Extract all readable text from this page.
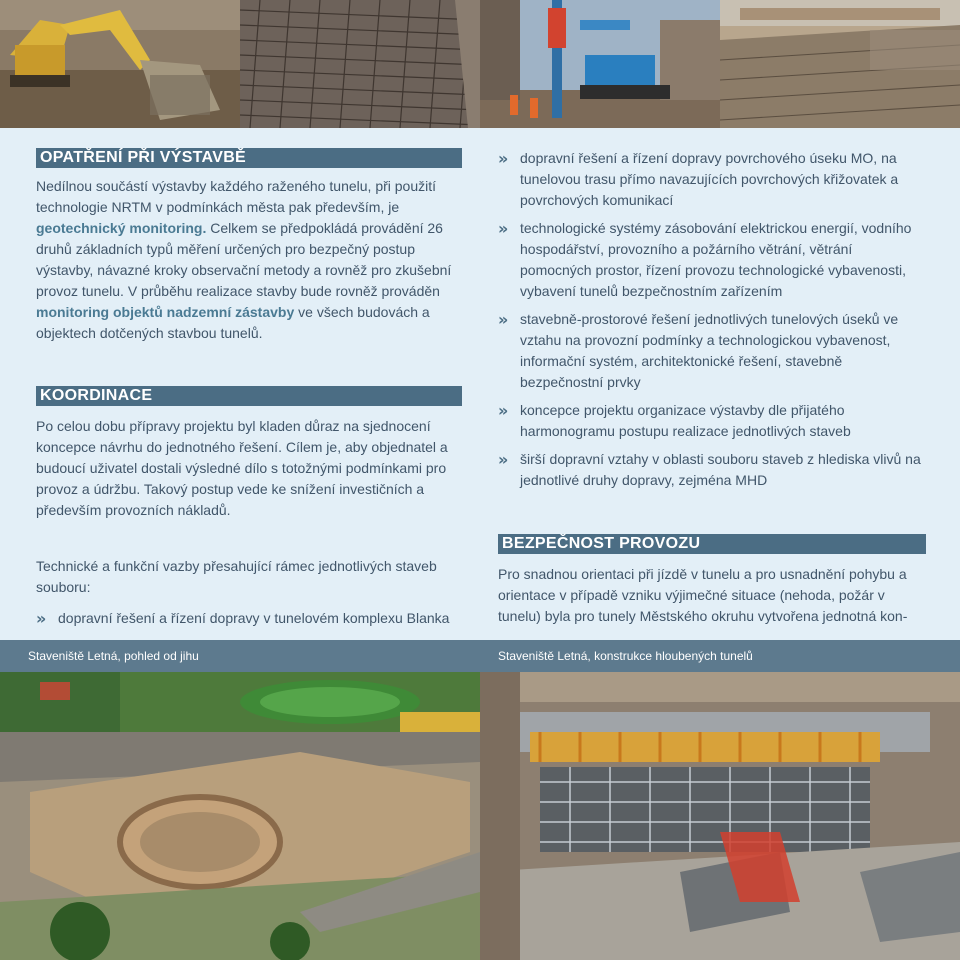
OPATŘENÍ PŘI VÝSTAVBĚ

Nedílnou součástí výstavby každého raženého tunelu, při použití technologie NRTM v podmínkách města pak především, je geotechnický monitoring. Celkem se předpokládá provádění 26 druhů základních typů měření určených pro bezpečný postup výstavby, návazné kroky observační metody a rovněž pro zkušební provoz tunelu. V průběhu realizace stavby bude rovněž prováděn monitoring objektů nadzemní zástavby ve všech budovách a objektech dotčených stavbou tunelů.

KOORDINACE

Po celou dobu přípravy projektu byl kladen důraz na sjednocení koncepce návrhu do jednotného řešení. Cílem je, aby objednatel a budoucí uživatel dostali výsledné dílo s totožnými podmínkami pro provoz a údržbu. Takový postup vede ke snížení investičních a především provozních nákladů.

Technické a funkční vazby přesahující rámec jednotlivých staveb souboru:

» dopravní řešení a řízení dopravy v tunelovém komplexu Blanka
» dopravní řešení a řízení dopravy povrchového úseku MO, na tunelovou trasu přímo navazujících povrchových křižovatek a povrchových komunikací
» technologické systémy zásobování elektrickou energií, vodního hospodářství, provozního a požárního větrání, větrání pomocných prostor, řízení provozu technologické vybavenosti, vybavení tunelů bezpečnostním zařízením
» stavebně-prostorové řešení jednotlivých tunelových úseků ve vztahu na provozní podmínky a technologickou vybavenost, informační systém, architektonické řešení, stavebně bezpečnostní prvky
» koncepce projektu organizace výstavby dle přijatého harmonogramu postupu realizace jednotlivých staveb
» širší dopravní vztahy v oblasti souboru staveb z hlediska vlivů na jednotlivé druhy dopravy, zejména MHD
BEZPEČNOST PROVOZU

Pro snadnou orientaci při jízdě v tunelu a pro usnadnění pohybu a orientace v případě vzniku výjimečné situace (nehoda, požár v tunelu) byla pro tunely Městského okruhu vytvořena jednotná kon-

Staveniště Letná, pohled od jihu	Staveniště Letná, konstrukce hloubených tunelů
